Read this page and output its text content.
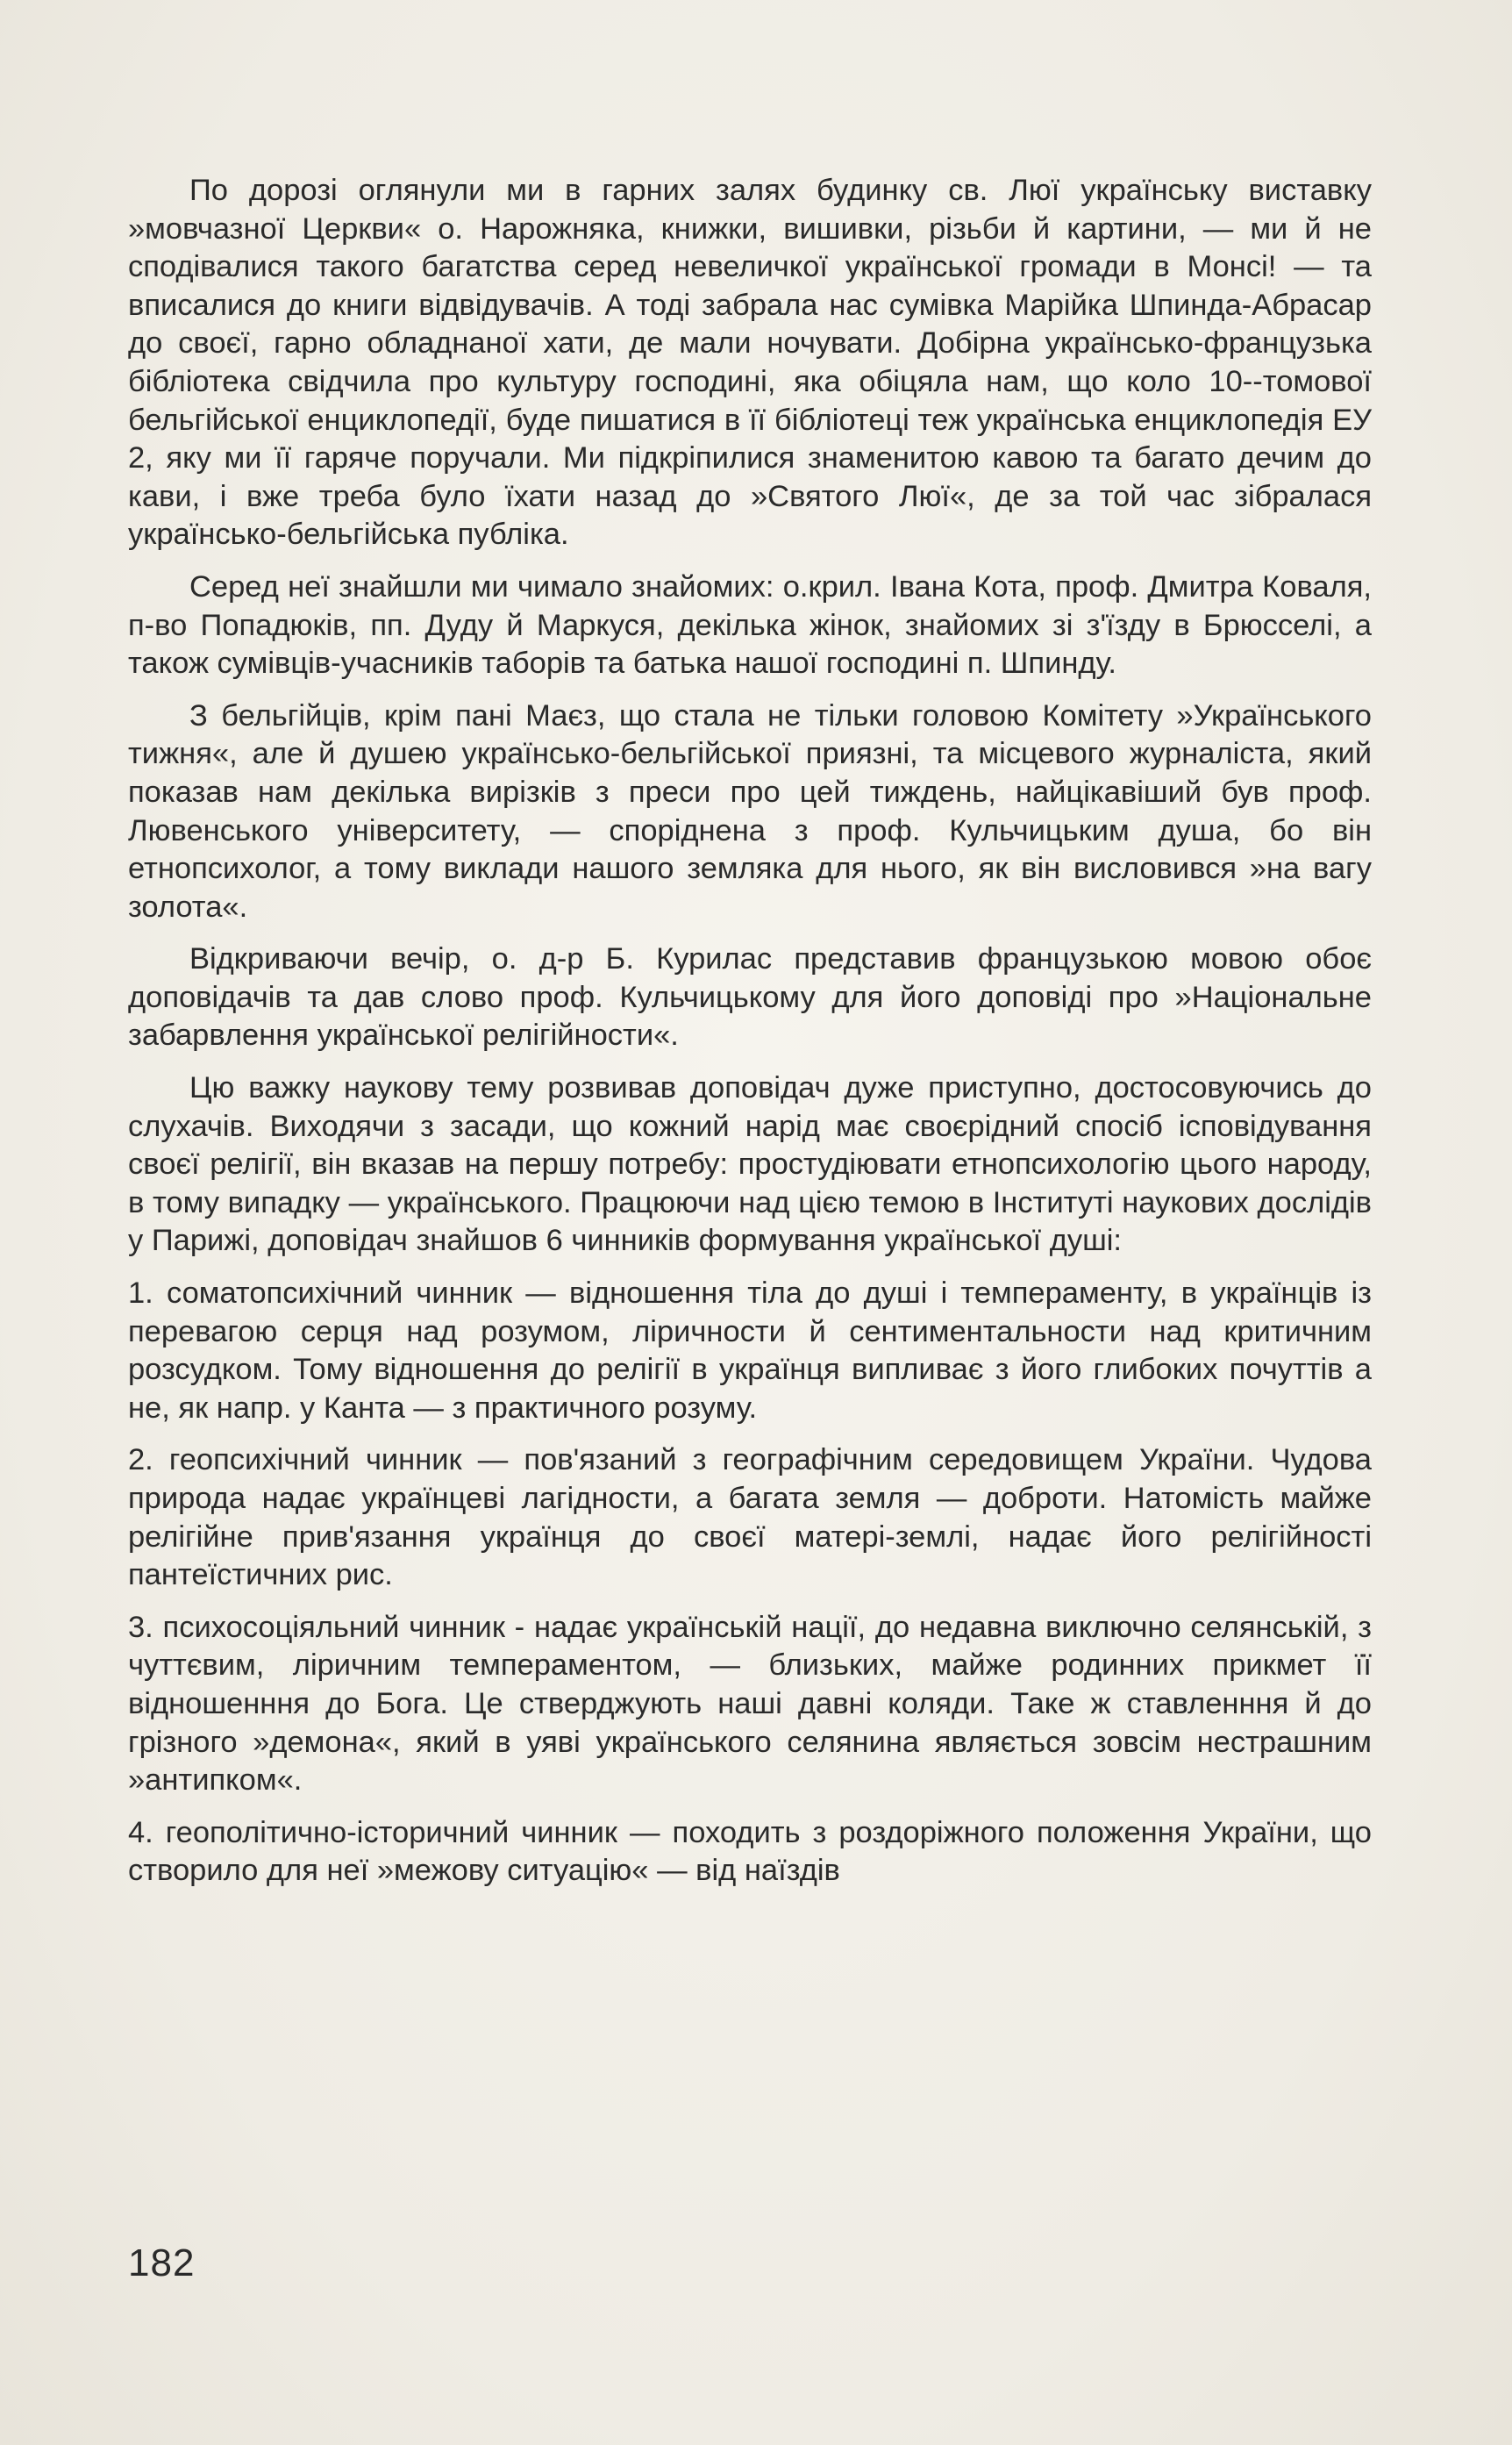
По дорозі оглянули ми в гарних залях будинку св. Люї українську виставку »мовчазної Церкви« о. Нарожняка, книжки, вишивки, різьби й картини, — ми й не сподівалися такого багатства серед невеличкої української громади в Монсі! — та вписалися до книги відвідувачів. А тоді забрала нас сумівка Марійка Шпинда-Абрасар до своєї, гарно обладнаної хати, де мали ночувати. Добірна українсько-французька бібліотека свідчила про культуру господині, яка обіцяла нам, що коло 10--томової бельгійської енциклопедії, буде пишатися в її бібліотеці теж українська енциклопедія ЕУ 2, яку ми її гаряче поручали. Ми підкріпилися знаменитою кавою та багато дечим до кави, і вже треба було їхати назад до »Святого Люї«, де за той час зібралася українсько-бельгійська публіка.

Серед неї знайшли ми чимало знайомих: о.крил. Івана Кота, проф. Дмитра Коваля, п-во Попадюків, пп. Дуду й Маркуся, декілька жінок, знайомих зі з'їзду в Брюсселі, а також сумівців-учасників таборів та батька нашої господині п. Шпинду.

З бельгійців, крім пані Маєз, що стала не тільки головою Комітету »Українського тижня«, але й душею українсько-бельгійської приязні, та місцевого журналіста, який показав нам декілька вирізків з преси про цей тиждень, найцікавіший був проф. Лювенського університету, — споріднена з проф. Кульчицьким душа, бо він етнопсихолог, а тому виклади нашого земляка для нього, як він висловився »на вагу золота«.

Відкриваючи вечір, о. д-р Б. Курилас представив французькою мовою обоє доповідачів та дав слово проф. Кульчицькому для його доповіді про »Національне забарвлення української релігійности«.

Цю важку наукову тему розвивав доповідач дуже приступно, достосовуючись до слухачів. Виходячи з засади, що кожний нарід має своєрідний спосіб ісповідування своєї релігії, він вказав на першу потребу: простудіювати етнопсихологію цього народу, в тому випадку — українського. Працюючи над цією темою в Інституті наукових дослідів у Парижі, доповідач знайшов 6 чинників формування української душі:

1. соматопсихічний чинник — відношення тіла до душі і темпераменту, в українців із перевагою серця над розумом, ліричности й сентиментальности над критичним розсудком. Тому відношення до релігії в українця випливає з його глибоких почуттів а не, як напр. у Канта — з практичного розуму.

2. геопсихічний чинник — пов'язаний з географічним середовищем України. Чудова природа надає українцеві лагідности, а багата земля — доброти. Натомість майже релігійне прив'язання українця до своєї матері-землі, надає його релігійності пантеїстичних рис.

3. психосоціяльний чинник - надає українській нації, до недавна виключно селянській, з чуттєвим, ліричним темпераментом, — близьких, майже родинних прикмет її відношенння до Бога. Це стверджують наші давні коляди. Таке ж ставленння й до грізного »демона«, який в уяві українського селянина являється зовсім нестрашним »антипком«.

4. геополітично-історичний чинник — походить з роздоріжного положення України, що створило для неї »межову ситуацію« — від наїздів

182
